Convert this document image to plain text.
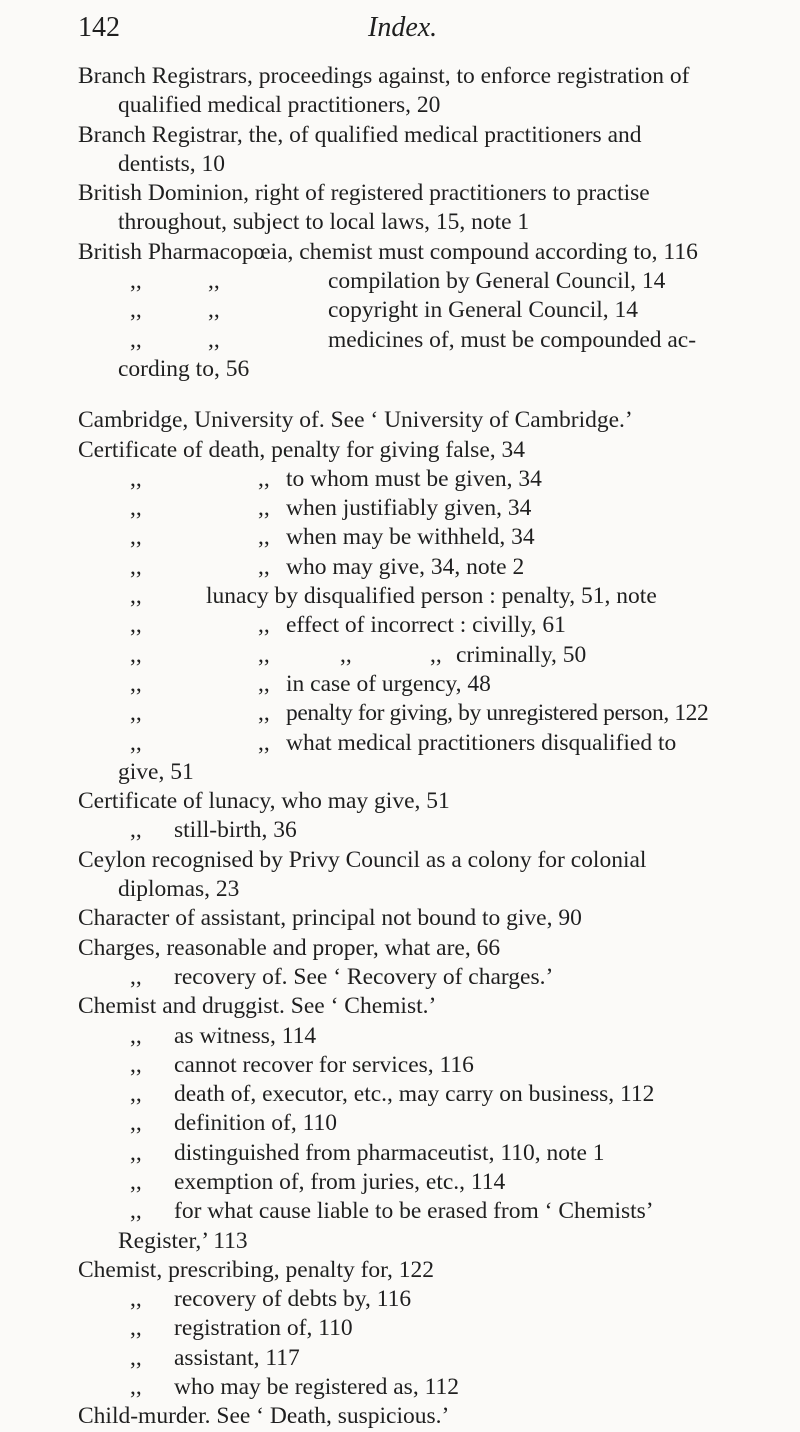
142	Index.
Branch Registrars, proceedings against, to enforce registration of
qualified medical practitioners, 20
Branch Registrar, the, of qualified medical practitioners and
dentists, 10
British Dominion, right of registered practitioners to practise
throughout, subject to local laws, 15, note 1
British Pharmacopœia, chemist must compound according to, 116
,,	,,	compilation by General Council, 14
,,	,,	copyright in General Council, 14
,,	,,	medicines of, must be compounded ac-
cording to, 56
Cambridge, University of. See ‘ University of Cambridge.’
Certificate of death, penalty for giving false, 34
,,	,, to whom must be given, 34
,,	,, when justifiably given, 34
,,	,, when may be withheld, 34
,,	,, who may give, 34, note 2
,,	lunacy by disqualified person : penalty, 51, note
,,	,, effect of incorrect : civilly, 61
,,	,,	,,	,, criminally, 50
,,	,, in case of urgency, 48
,,	,, penalty for giving, by unregistered person, 122
,,	,, what medical practitioners disqualified to
give, 51
Certificate of lunacy, who may give, 51
,, still-birth, 36
Ceylon recognised by Privy Council as a colony for colonial
diplomas, 23
Character of assistant, principal not bound to give, 90
Charges, reasonable and proper, what are, 66
,, recovery of. See ‘ Recovery of charges.’
Chemist and druggist. See ‘ Chemist.’
,, as witness, 114
,, cannot recover for services, 116
,, death of, executor, etc., may carry on business, 112
,, definition of, 110
,, distinguished from pharmaceutist, 110, note 1
,, exemption of, from juries, etc., 114
,, for what cause liable to be erased from ‘ Chemists’
Register,’ 113
Chemist, prescribing, penalty for, 122
,, recovery of debts by, 116
,, registration of, 110
,, assistant, 117
,, who may be registered as, 112
Child-murder. See ‘ Death, suspicious.’
